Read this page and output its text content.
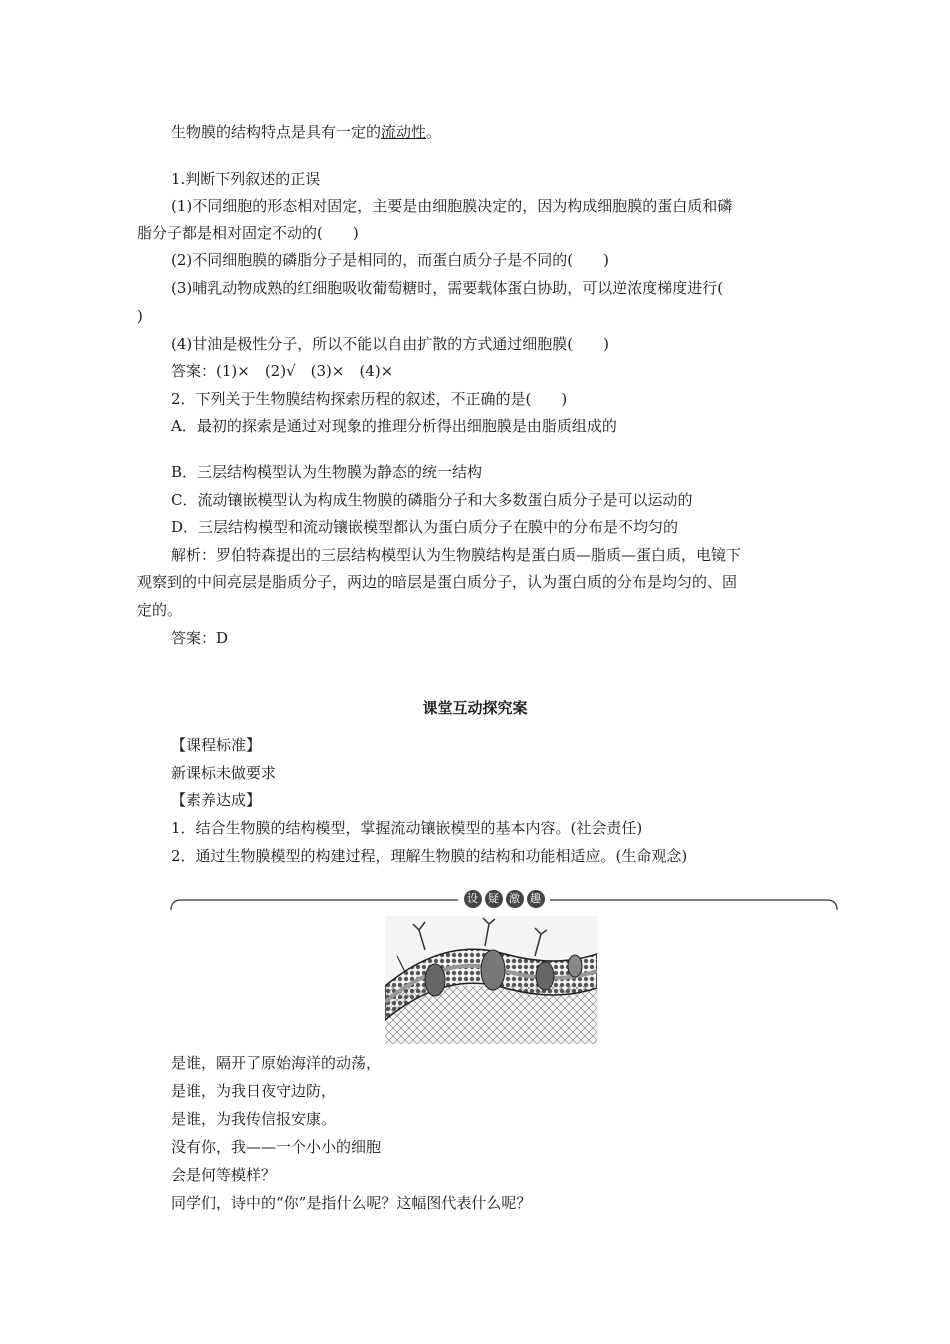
生物膜的结构特点是具有一定的流动性。
1.判断下列叙述的正误
(1)不同细胞的形态相对固定，主要是由细胞膜决定的，因为构成细胞膜的蛋白质和磷
脂分子都是相对固定不动的(　　)
(2)不同细胞膜的磷脂分子是相同的，而蛋白质分子是不同的(　　)
(3)哺乳动物成熟的红细胞吸收葡萄糖时，需要载体蛋白协助，可以逆浓度梯度进行(
)
(4)甘油是极性分子，所以不能以自由扩散的方式通过细胞膜(　　)
答案：(1)×　(2)√　(3)×　(4)×
2．下列关于生物膜结构探索历程的叙述，不正确的是(　　)
A．最初的探索是通过对现象的推理分析得出细胞膜是由脂质组成的
B．三层结构模型认为生物膜为静态的统一结构
C．流动镶嵌模型认为构成生物膜的磷脂分子和大多数蛋白质分子是可以运动的
D．三层结构模型和流动镶嵌模型都认为蛋白质分子在膜中的分布是不均匀的
解析：罗伯特森提出的三层结构模型认为生物膜结构是蛋白质—脂质—蛋白质，电镜下
观察到的中间亮层是脂质分子，两边的暗层是蛋白质分子，认为蛋白质的分布是均匀的、固
定的。
答案：D
课堂互动探究案
【课程标准】
新课标未做要求
【素养达成】
1．结合生物膜的结构模型，掌握流动镶嵌模型的基本内容。(社会责任)
2．通过生物膜模型的构建过程，理解生物膜的结构和功能相适应。(生命观念)
设 疑 激 趣
是谁，隔开了原始海洋的动荡，
是谁，为我日夜守边防，
是谁，为我传信报安康。
没有你，我——一个小小的细胞
会是何等模样？
同学们，诗中的“你”是指什么呢？这幅图代表什么呢？
